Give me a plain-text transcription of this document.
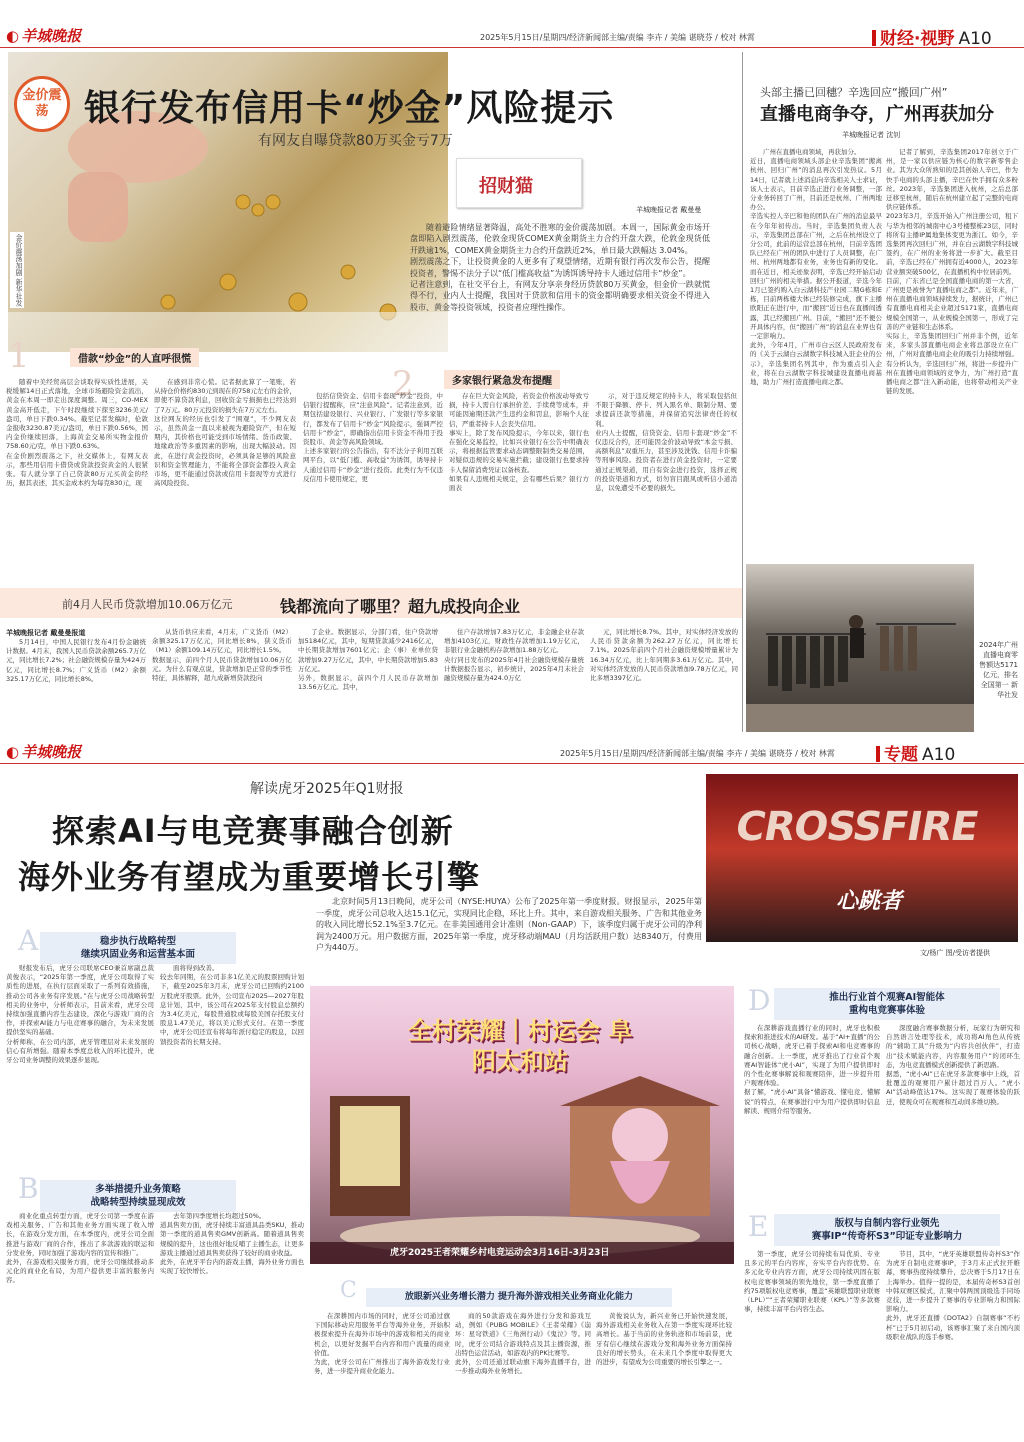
◐ 羊城晚报	2025年5月15日/星期四/经济新闻部主编/责编 李卉 / 美编 谌晓芬 / 校对 林霄	财经·视野 A10
金价震荡 银行发布信用卡“炒金”风险提示
有网友自曝贷款80万买金亏7万
金价震荡加剧 新华社发
招财猫
羊城晚报记者 戴曼曼

随着避险情绪显著降温，高处不胜寒的金价震荡加剧。本周一，国际黄金市场开盘即陷入剧烈震荡，伦敦金现货COMEX黄金期货主力合约开盘大跌，伦敦金现货低开跌逾1%，COMEX黄金期货主力合约开盘跌近2%，单日最大跌幅达 3.04%。
剧烈震荡之下，让投资黄金的人更多有了观望情绪，近期有银行再次发布公告，提醒投资者，警惕不法分子以“低门槛高收益”为诱饵诱导持卡人通过信用卡“炒金”。
记者注意到，在社交平台上，有网友分享亲身经历贷款80万买黄金，但金价一跌就慌得不行，业内人士提醒，我国对于贷款和信用卡的资金都明确要求相关资金不得进入股市、黄金等投资领域，投资者应理性操作。

1	借款“炒金”的人直呼很慌
2	多家银行紧急发布提醒

随着中美经贸高层会谈取得实质性进展，关税缓解14日正式落地，全球市场避险资金流出，黄金在本周一即走出深度调整。周三，CO-MEX黄金高开低走，下午时段继续下探至3236美元/盎司，单日下跌0.34%。截至记者发稿时，伦敦金报收3230.87美元/盎司，单日下跌0.56%，国内金价继续回落，上海黄金交易所实物金报价758.60元/克，单日下跌0.63%。
在金价剧烈震荡之下，社交媒体上，有网友表示，那些用信用卡借贷或贷款投资黄金的人很紧张。有人就分享了自己贷款80万元买黄金的经历，据其表述，其买金成本约为每克830元，现

在感到非常心慌。记者据此算了一笔账，若从持仓价格约830元到现在的758元左右的金价，即使不算贷款利息，回收资金亏损损也已经达到了7万元。80万元投资的损失在7万元左右。
这位网友的经历也引发了“围观”，不少网友表示，虽然黄金一直以来被视为避险资产，但在短期内，其价格也可能受到市场情绪、货币政策、地缘政治等多重因素的影响，出现大幅波动。因此，在进行黄金投资时，必须具备足够的风险意识和资金管理能力，不能将全部资金都投入黄金市场，更不能通过贷款或信用卡套现等方式进行高风险投资。

包括信贷资金、信用卡套现“炒金”投资，中信银行提醒称，应“注意风险”。记者注意到，近期包括建设银行、兴业银行、广发银行等多家银行，都发布了信用卡“炒金”风险提示，强调严控信用卡“炒金”，即确指出信用卡资金不得用于投资股市、黄金等高风险领域。
上述多家银行的公告指出，有不法分子利用互联网平台，以“低门槛、高收益”为诱饵，诱导持卡人通过信用卡“炒金”进行投资。此类行为不仅违反信用卡使用规定，更

存在巨大资金风险，若资金价格波动导致亏损，持卡人需自行承担价差、手续费等成本，并可能因逾期还款产生违约金和罚息，影响个人征信，严重者持卡人会丧失信用。
事实上，除了发布风险提示，今年以来，银行也在强化交易监控，比如兴业银行在公告中明确表示，将根据监管要求动态调整限制类交易范围，对疑似违规的交易实施拦截；建设银行也要求持卡人保留消费凭证以备核查。
如果有人违规相关规定，会有哪些后果？银行方面表

示，对于违反规定的持卡人，将采取包括但不限于降额、停卡、列入黑名单、限制分期、要求提前还款等措施，并保留追究法律责任的权利。
业内人士提醒，信贷资金、信用卡套现“炒金”不仅违反合约，还可能因金价波动导致“本金亏损、高额利息”双重压力，甚至涉及洗钱、信用卡诈骗等刑事风险。投资者在进行黄金投资时，一定要通过正规渠道，用自有资金进行投资，选择正规的投资渠道和方式，切勿盲目跟风或听信小道消息，以免遭受不必要的损失。

头部主播已回穗？辛选回应“搬回广州”
直播电商争夺，广州再获加分
羊城晚报记者 沈钊

广州在直播电商领域，再获加分。
近日，直播电商领域头部企业辛选集团“搬离杭州、回归广州”的消息再次引发热议。5月14日，记者就上述消息向辛选相关人士求证，该人士表示，目前辛选正进行业务调整，一部分业务转回了广州，目前还是杭州、广州两地办公。
辛选实控人辛巴和他的团队在广州的消息最早在今年年初传出。当时，辛选集团负责人表示，辛选集团总部在广州，之后在杭州设立了分公司，此前的运营总部在杭州，目前辛选团队已经在广州的团队中进行了人员调整，在广州、杭州两地都有业务，业务也有新的变化。而在近日，相关迹象表明，辛选已经开始启动回归广州的相关举措。据公开报道，辛选今年1月已签约购入白云湖科技产业园二期G栋和E栋，目前两栋楼大体已经装修完成，旗下主播欧阳正在进行中，而“搬回”近日也在直播间透露，其已经搬回广州。目前，“搬回”还不便公开具体内容，但“搬回广州”的消息在业界也有一定影响力。
此外，今年4月，广州市白云区人民政府发布的《关于云湖白云湖数字科技城入驻企业的公示》，辛选集团名列其中，作为重点引入企业，将在白云湖数字科技城建设直播电商基地，助力广州打造直播电商之都。

记者了解到，辛选集团2017年创立于广州，是一家以供应链为核心的数字新零售企业。其为大众所熟知的是其创始人辛巴，作为快手电商的头部主播，辛巴在快手拥有众多粉丝。2023年，辛选集团进入杭州，之后总部迁移至杭州，随后在杭州建立起了完整的电商供应链体系。
2023年3月，辛选开始入广州注册公司，租下与华为相邻的城南中心3号楼整栋23层，同时将所有主播IP属地集体变更为浙江。如今，辛选集团再次回归广州，并在白云湖数字科技城签约，在广州的业务将进一步扩大。截至目前，辛选已经在广州拥有近4000人，2023年营业额突破500亿，在直播机构中位居前列。
目前，广东省已是全国直播电商的第一大省，广州更是被誉为“直播电商之都”。近年来，广州在直播电商领域持续发力，据统计，广州已有直播电商相关企业超过5171家，直播电商规模全国第一，从业规模全国第一，形成了完善的产业链和生态体系。
实际上，辛选集团回归广州并非个例，近年来，多家头部直播电商企业将总部设立在广州，广州对直播电商企业的吸引力持续增强。有分析认为，辛选回归广州，将进一步提升广州在直播电商领域的竞争力，为广州打造“直播电商之都”注入新动能，也将带动相关产业链的发展。

2024年广州直播电商零售额达5171亿元，排名全国第一 新华社发
前4月人民币贷款增加10.06万亿元	钱都流向了哪里？超九成投向企业
羊城晚报记者 戴曼曼报道

5月14日，中国人民银行发布4月份金融统计数据。4月末，我国人民币贷款余额265.7万亿元，同比增长7.2%；社会融资规模存量为424万亿元，同比增长8.7%；广义货币（M2）余额325.17万亿元，同比增长8%。

从货币供应来看，4月末，广义货币（M2）余额325.17万亿元，同比增长8%，狭义货币（M1）余额109.14万亿元，同比增长1.5%。
数据显示，前四个月人民币贷款增加10.06万亿元。为什么有观点说，贷款增加是正常的季节性特征，具体解释，超九成新增贷款投向

了企业。数据显示，分部门看，住户贷款增加5184亿元，其中，短期贷款减少2416亿元，中长期贷款增加7601亿元；企（事）业单位贷款增加9.27万亿元，其中，中长期贷款增加5.83万亿元。
另外，数据显示，前四个月人民币存款增加13.56万亿元。其中，

住户存款增加7.83万亿元，非金融企业存款增加4103亿元，财政性存款增加1.19万亿元，非银行业金融机构存款增加1.88万亿元。
央行同日发布的2025年4月社会融资规模存量统计数据报告显示，初步统计，2025年4月末社会融资规模存量为424.0万亿

元，同比增长8.7%。其中，对实体经济发放的人民币贷款余额为262.27万亿元，同比增长7.1%。2025年前四个月社会融资规模增量累计为16.34万亿元，比上年同期多3.61万亿元。其中，对实体经济发放的人民币贷款增加9.78万亿元，同比多增3397亿元。

◐ 羊城晚报	2025年5月15日/星期四/经济新闻部主编/责编 李卉 / 美编 谌晓芬 / 校对 林霄	专题 A10
解读虎牙2025年Q1财报
探索AI与电竞赛事融合创新
海外业务有望成为重要增长引擎
CROSSFIRE
心跳者
文/杨广 图/受访者提供

北京时间5月13日晚间，虎牙公司（NYSE:HUYA）公布了2025年第一季度财报。财报显示，2025年第一季度，虎牙公司总收入达15.1亿元，实现同比企稳，环比上升。其中，来自游戏相关服务、广告和其他业务的收入同比增长52.1%至3.7亿元。在非美国通用会计准则（Non-GAAP）下，该季度归属于虎牙公司的净利润为2400万元。用户数据方面，2025年第一季度，虎牙移动端MAU（月均活跃用户数）达8340万，付费用户为440万。

A	稳步执行战略转型
继续巩固业务和运营基本面

财报发布后，虎牙公司联席CEO兼首席副总裁黄俊表示，“2025年第一季度，虎牙公司取得了实质性的进展，在执行层面采取了一系列有效措施，推动公司各业务有序发展。”在与虎牙公司战略转型相关的业务中，分析师表示，目前来看，虎牙公司持续加强直播内容生态建设，深化与游戏厂商的合作，并探索AI能力与电竞赛事的融合，为未来发展提供坚实的基础。
分析师称，在公司内部，虎牙管理层对未来发展的信心有所增强。随着本季度总收入的环比提升，虎牙公司业务调整的效果逐步显现。

面将得到改善。
较去年同期，在公司非多1亿美元的股票回购计划下，截至2025年3月末，虎牙公司已回购约2100万股虎牙股票。此外，公司宣布2025—2027年股息计划，其中，该公司在2025年支付股息总额约为3.4亿美元，每股普通股或每股美国存托股支付股息1.47美元，将以美元形式支付。在第一季度中，虎牙公司还宣布将每年派付稳定的股息，以回馈投资者的长期支持。

B	多举措提升业务策略
战略转型持续显现成效

商业化重点转型方面，虎牙公司第一季度在游戏相关服务、广告和其他业务方面实现了收入增长，在游戏分发方面，在本季度内，虎牙公司全面推进与游戏厂商的合作，推出了多款游戏的联运和分发业务，同时加强了游戏内容的宣传和推广。
此外，在游戏相关服务方面，虎牙公司继续推动多元化的商业化布局，为用户提供更丰富的服务内容。

去年第四季度增长均超过50%。
道具售卖方面，虎牙持续丰富道具品类SKU，推动第一季度的道具售卖GMV创新高。随着道具售卖规模的提升，这也很好地反哺了主播生态，让更多游戏主播通过道具售卖获得了较好的商业收益。
此外，在虎牙平台内的游戏主播，海外业务方面也实现了较快增长。

全村荣耀｜村运会 阜阳太和站
虎牙2025王者荣耀乡村电竞运动会3月16日-3月23日
C	放眼新兴业务增长潜力 提升海外游戏相关业务商业化能力

在深耕国内市场的同时，虎牙公司通过旗下国际移动应用服务平台等海外业务，开始积极探索提升在海外市场中的游戏和相关的商业机会，以更好发掘平台内容和用户流量的商业价值。
为此，虎牙公司在广州推出了海外游戏发行业务，进一步提升商业化能力。

商的50款游戏在海外进行分发和游戏互动，例如《PUBG MOBILE》《王者荣耀》《崩坏：星穹铁道》《三角洲行动》《鬼泣》等。同时，虎牙公司结合游戏特点及其主播资源，推出特色运营活动，如游戏内的PK比赛等。
此外，公司还通过联动旗下海外直播平台，进一步推动海外业务增长。

黄俊说认为，新兴业务已开始快速发展，海外游戏相关业务收入在第一季度实现环比较高增长。基于当前的业务轨迹和市场前景，虎牙有信心继续在游戏分发和海外业务方面保持良好的增长势头，在未来几个季度中取得更大的进步，有望成为公司重要的增长引擎之一。

D	推出行业首个观赛AI智能体
重构电竞赛事体验

在深耕游戏直播行业的同时，虎牙也积极探索和推进技术的AI研发。基于“AI+直播”的公司核心战略，虎牙已着手探索AI和电竞赛事的融合创新。上一季度，虎牙推出了行业首个观赛AI智能体“虎小AI”，实现了为用户提供即时的个性化赛事解说和观赛陪伴，进一步提升用户观赛体验。
据了解，“虎小AI”具备“懂游戏、懂电竞、懂解说”的特点，在赛事进行中为用户提供即时信息解读、规则介绍等服务。

深度融合赛事数据分析，玩家行为研究和自然语言处理等技术，成功将AI角色从传统的“辅助工具”升级为“内容共创伙伴”，打造出“技术赋能内容，内容服务用户”的闭环生态，为电竞直播模式创新提供了新思路。
据悉，“虎小AI”已在虎牙多款赛事中上线，首批覆盖的观赛用户累计超过百万人。“虎小AI”活动峰值达17%。这实现了观赛体验的跃迁，使观众可在观赛和互动间多维切换。

E	版权与自制内容行业领先
赛事IP“传奇杯S3”印证专业影响力

第一季度，虎牙公司持续布局优质、专业且多元的平台内容库，夯实平台内容优势。在多元化专业内容方面，虎牙公司持续巩固在版权电竞赛事领域的领先地位，第一季度直播了约75项版权电竞赛事，覆盖“英雄联盟职业联赛（LPL）”“王者荣耀职业联赛（KPL）”等多款赛事，持续丰富平台内容生态。

节目，其中，“虎牙英雄联盟传奇杯S3”作为虎牙自制电竞赛事IP，于3月末正式拉开帷幕，赛事热度持续攀升，总决赛于5月17日在上海举办。值得一提的是，本届传奇杯S3首创中韩双赛区模式，汇聚中韩两国顶级选手同场竞技，进一步提升了赛事的专业影响力和国际影响力。
此外，虎牙还直播《DOTA2》自制赛事“不朽杯”已于5月初启动，该赛事汇聚了来自国内顶级职业战队的选手参赛。
